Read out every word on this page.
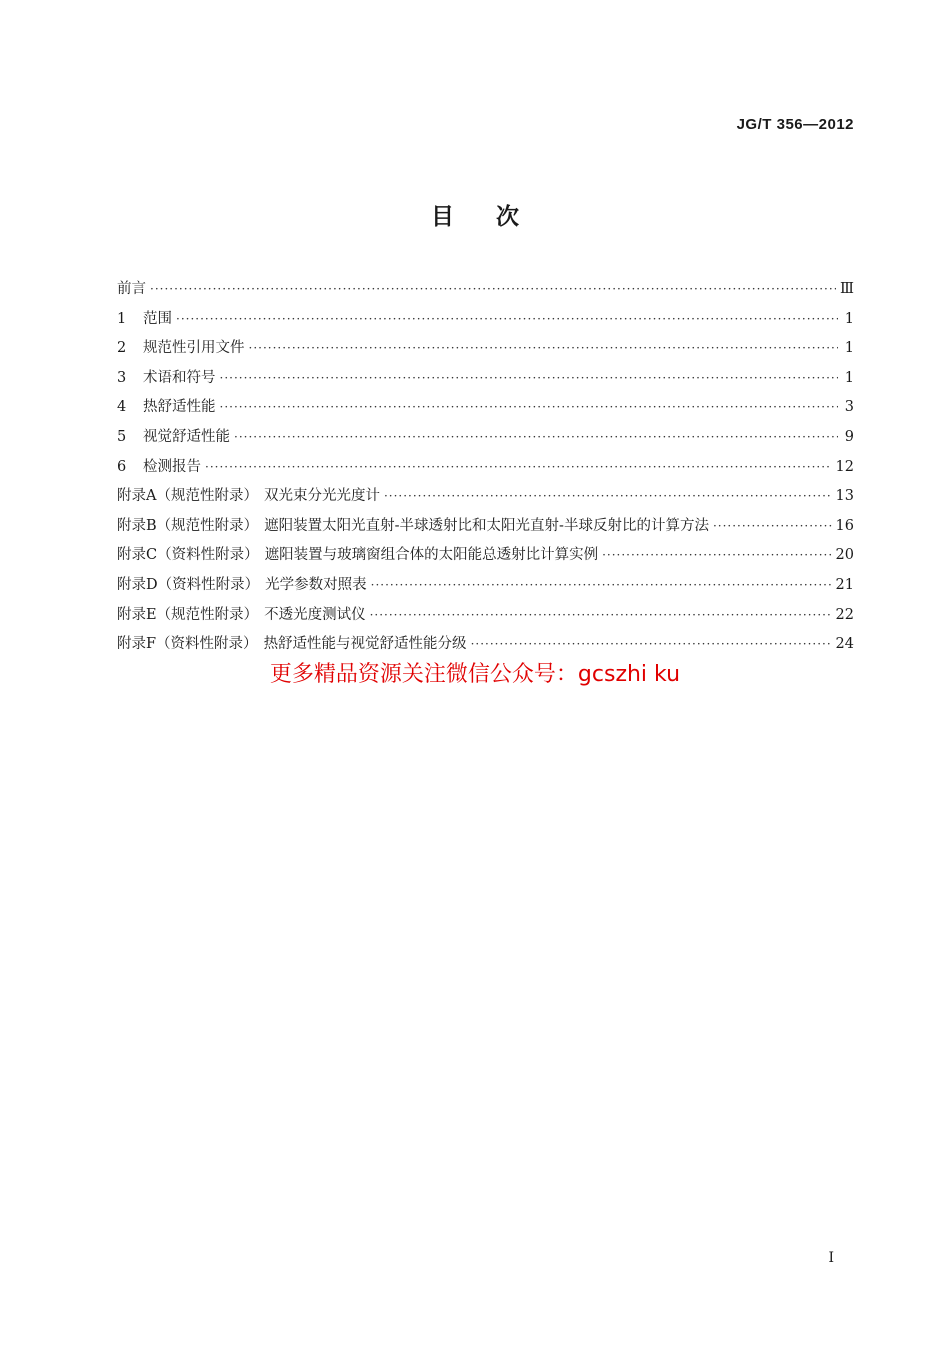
JG/T 356—2012
目次
前言 ·····	Ⅲ
1 范围 ·····	1
2 规范性引用文件 ·····	1
3 术语和符号 ·····	1
4 热舒适性能 ·····	3
5 视觉舒适性能 ·····	9
6 检测报告 ·····	12
附录A（规范性附录） 双光束分光光度计 ·····	13
附录B（规范性附录） 遮阳装置太阳光直射-半球透射比和太阳光直射-半球反射比的计算方法 ·····	16
附录C（资料性附录） 遮阳装置与玻璃窗组合体的太阳能总透射比计算实例 ·····	20
附录D（资料性附录） 光学参数对照表 ·····	21
附录E（规范性附录） 不透光度测试仪 ·····	22
附录F（资料性附录） 热舒适性能与视觉舒适性能分级 ·····	24
更多精品资源关注微信公众号：gcszhi ku
I
